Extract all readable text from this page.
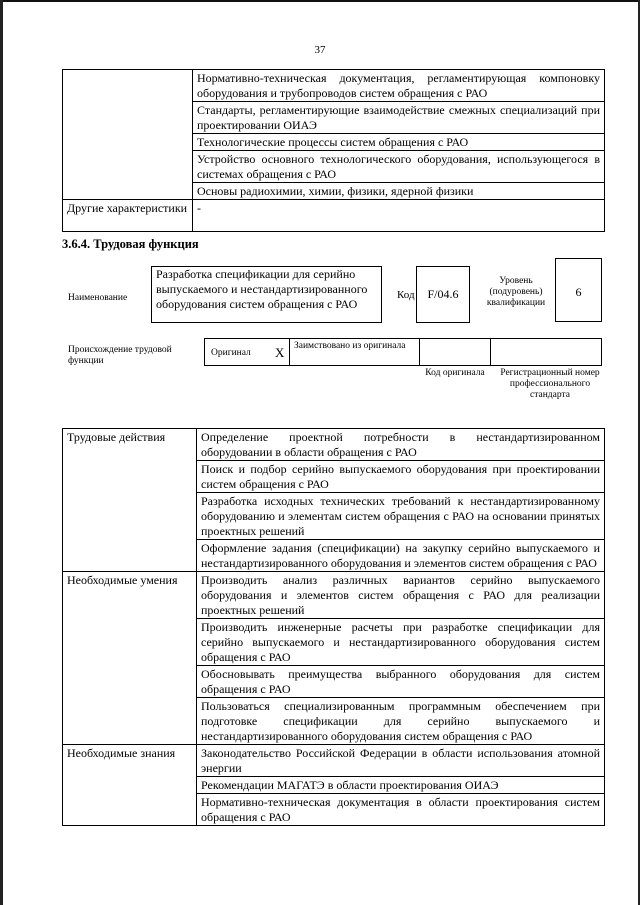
37
	Нормативно-техническая документация, регламентирующая компоновку оборудования и трубопроводов систем обращения с РАО
	Стандарты, регламентирующие взаимодействие смежных специализаций при проектировании ОИАЭ
	Технологические процессы систем обращения с РАО
	Устройство основного технологического оборудования, использующегося в системах обращения с РАО
	Основы радиохимии, химии, физики, ядерной физики
Другие характеристики	-
3.6.4. Трудовая функция
Наименование
Разработка спецификации для серийно выпускаемого и нестандартизированного оборудования систем обращения с РАО
Код	F/04.6
Уровень (подуровень) квалификации
6
Происхождение трудовой функции
Оригинал X Заимствовано из оригинала
Код оригинала Регистрационный номер профессионального стандарта
Трудовые действия	Определение проектной потребности в нестандартизированном оборудовании в области обращения с РАО
	Поиск и подбор серийно выпускаемого оборудования при проектировании систем обращения с РАО
	Разработка исходных технических требований к нестандартизированному оборудованию и элементам систем обращения с РАО на основании принятых проектных решений
	Оформление задания (спецификации) на закупку серийно выпускаемого и нестандартизированного оборудования и элементов систем обращения с РАО
Необходимые умения	Производить анализ различных вариантов серийно выпускаемого оборудования и элементов систем обращения с РАО для реализации проектных решений
	Производить инженерные расчеты при разработке спецификации для серийно выпускаемого и нестандартизированного оборудования систем обращения с РАО
	Обосновывать преимущества выбранного оборудования для систем обращения с РАО
	Пользоваться специализированным программным обеспечением при подготовке спецификации для серийно выпускаемого и нестандартизированного оборудования систем обращения с РАО
Необходимые знания	Законодательство Российской Федерации в области использования атомной энергии
	Рекомендации МАГАТЭ в области проектирования ОИАЭ
	Нормативно-техническая документация в области проектирования систем обращения с РАО
